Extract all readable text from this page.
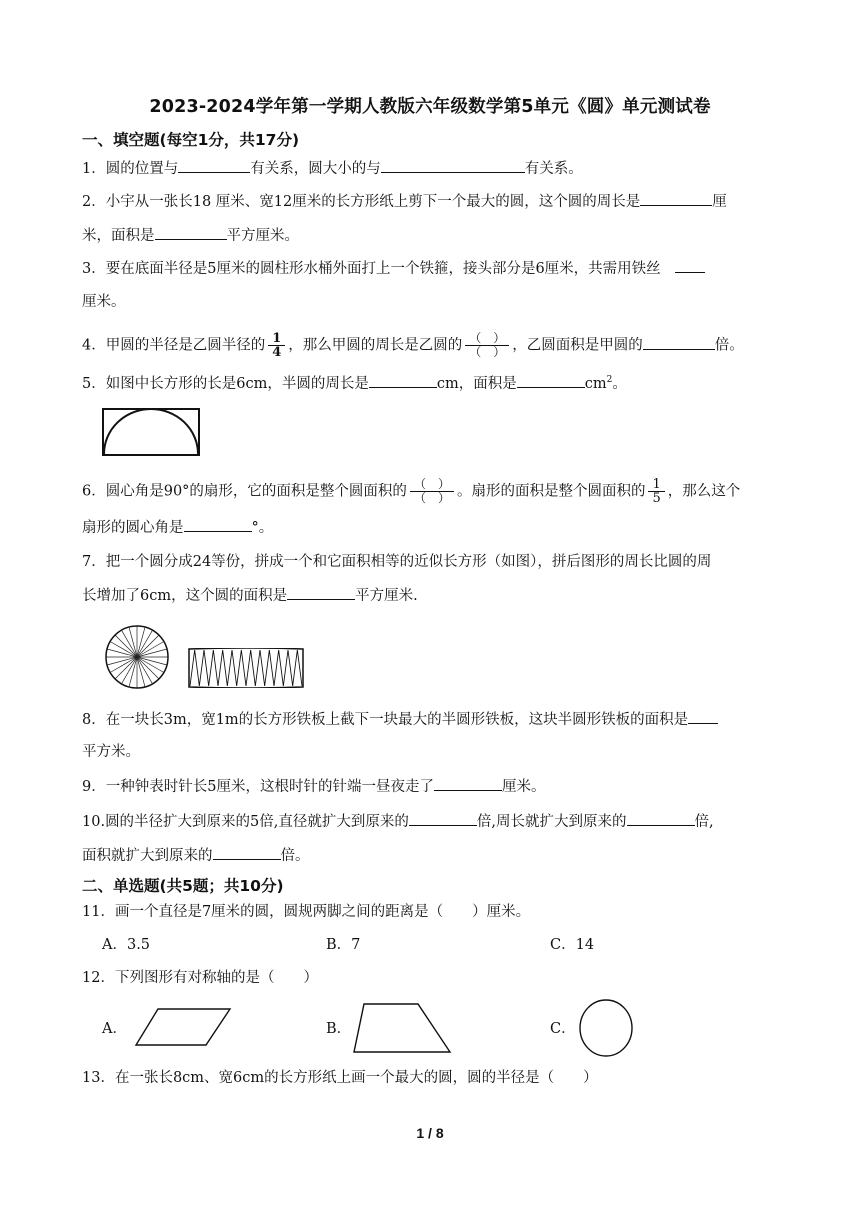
2023-2024学年第一学期人教版六年级数学第5单元《圆》单元测试卷
一、填空题(每空1分，共17分)
1．圆的位置与	有关系，圆大小的与	有关系。
2．小宇从一张长18 厘米、宽12厘米的长方形纸上剪下一个最大的圆，这个圆的周长是	厘
米，面积是	平方厘米。
3．要在底面半径是5厘米的圆柱形水桶外面打上一个铁箍，接头部分是6厘米，共需用铁丝
厘米。
4．甲圆的半径是乙圆半径的 $\frac{1}{4}$ ，那么甲圆的周长是乙圆的 $\frac{( )}{( )}$ ，乙圆面积是甲圆的	倍。
5．如图中长方形的长是6cm，半圆的周长是	cm，面积是	$cm^2$。
6．圆心角是90°的扇形，它的面积是整个圆面积的 $\frac{( )}{( )}$ 。扇形的面积是整个圆面积的 $\frac{1}{5}$ ，那么这个
扇形的圆心角是	°。
7．把一个圆分成24等份，拼成一个和它面积相等的近似长方形（如图），拼后图形的周长比圆的周
长增加了6cm，这个圆的面积是	平方厘米.
8．在一块长3m，宽1m的长方形铁板上截下一块最大的半圆形铁板，这块半圆形铁板的面积是
平方米。
9．一种钟表时针长5厘米，这根时针的针端一昼夜走了	厘米。
10.圆的半径扩大到原来的5倍,直径就扩大到原来的	倍,周长就扩大到原来的	倍,
面积就扩大到原来的	倍。
二、单选题(共5题；共10分)
11．画一个直径是7厘米的圆，圆规两脚之间的距离是（　　）厘米。
A．3.5	B．7	C．14
12．下列图形有对称轴的是（　　）
A．	B．	C．
13．在一张长8cm、宽6cm的长方形纸上画一个最大的圆，圆的半径是（　　）
1 / 8
